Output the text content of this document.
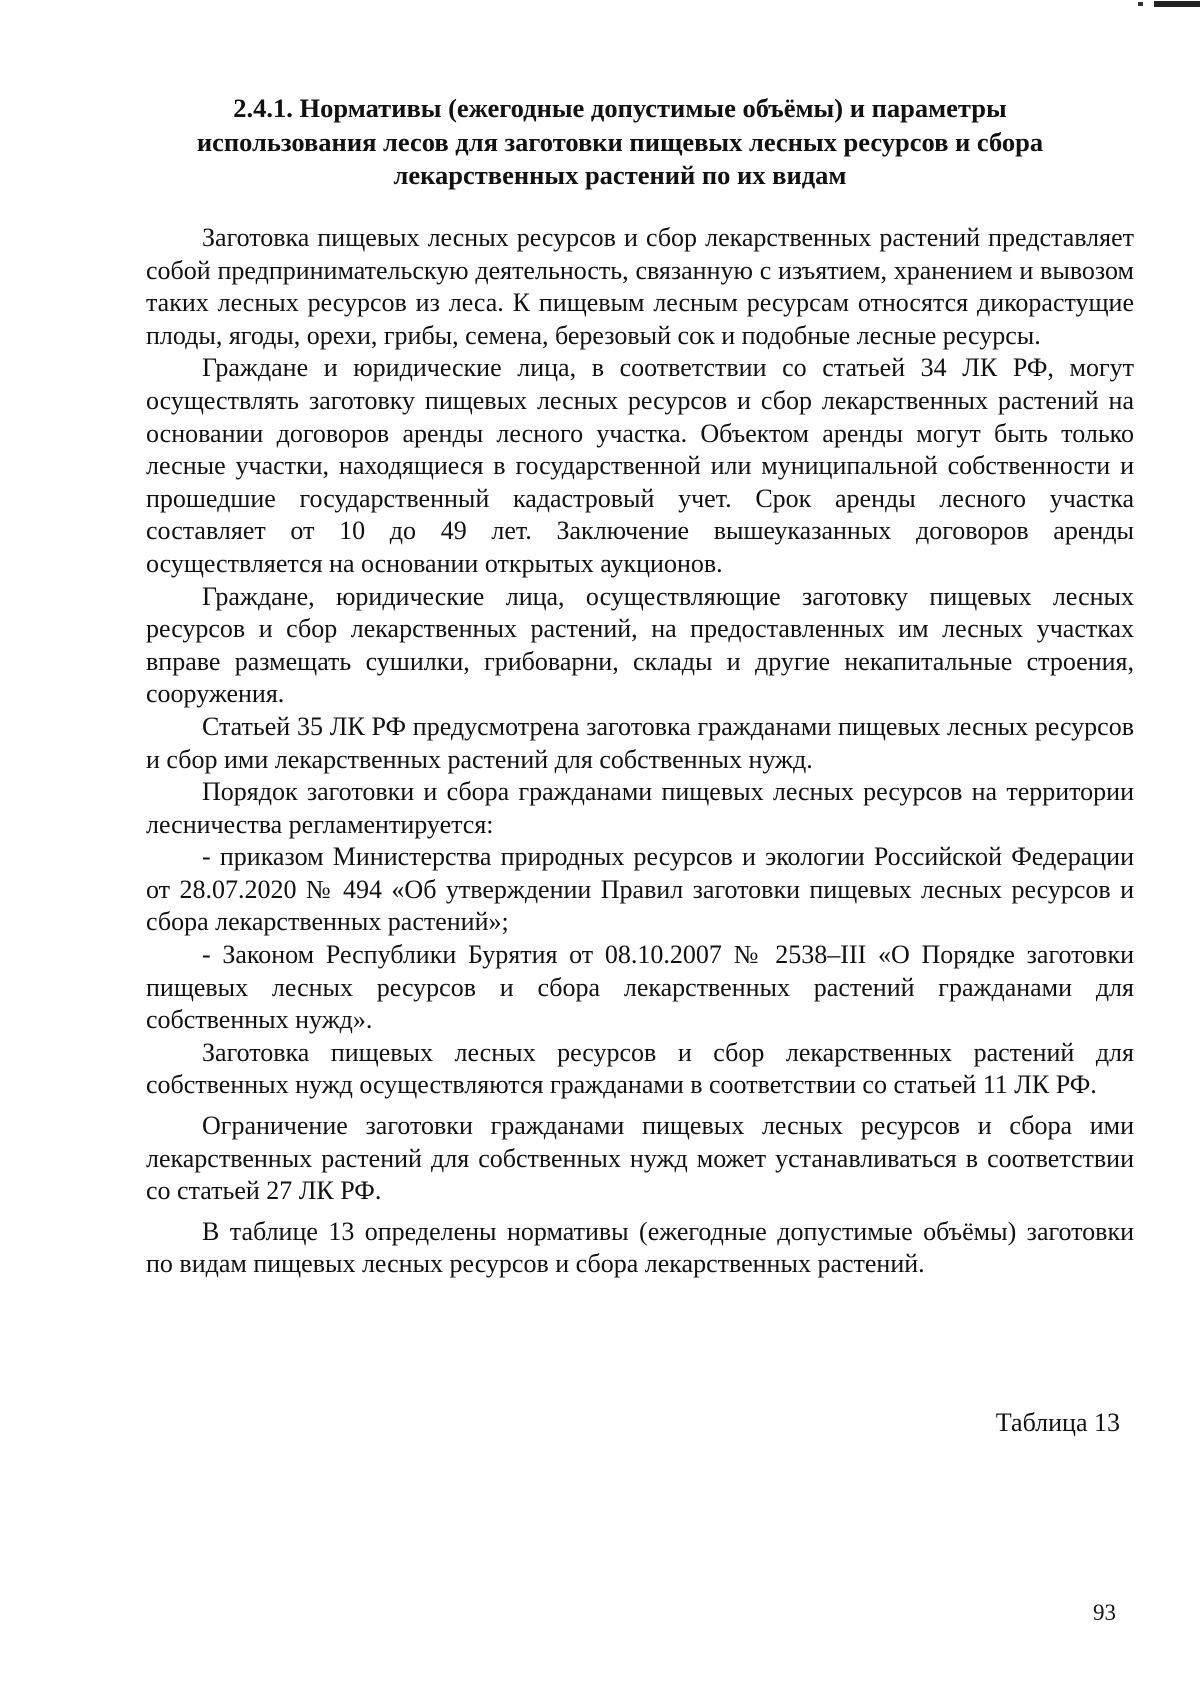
2.4.1. Нормативы (ежегодные допустимые объёмы) и параметры
использования лесов для заготовки пищевых лесных ресурсов и сбора
лекарственных растений по их видам

Заготовка пищевых лесных ресурсов и сбор лекарственных растений представляет собой предпринимательскую деятельность, связанную с изъятием, хранением и вывозом таких лесных ресурсов из леса. К пищевым лесным ресурсам относятся дикорастущие плоды, ягоды, орехи, грибы, семена, березовый сок и подобные лесные ресурсы.

Граждане и юридические лица, в соответствии со статьей 34 ЛК РФ, могут осуществлять заготовку пищевых лесных ресурсов и сбор лекарственных растений на основании договоров аренды лесного участка. Объектом аренды могут быть только лесные участки, находящиеся в государственной или муниципальной собственности и прошедшие государственный кадастровый учет. Срок аренды лесного участка составляет от 10 до 49 лет. Заключение вышеуказанных договоров аренды осуществляется на основании открытых аукционов.

Граждане, юридические лица, осуществляющие заготовку пищевых лесных ресурсов и сбор лекарственных растений, на предоставленных им лесных участках вправе размещать сушилки, грибоварни, склады и другие некапитальные строения, сооружения.

Статьей 35 ЛК РФ предусмотрена заготовка гражданами пищевых лесных ресурсов и сбор ими лекарственных растений для собственных нужд.

Порядок заготовки и сбора гражданами пищевых лесных ресурсов на территории лесничества регламентируется:

- приказом Министерства природных ресурсов и экологии Российской Федерации от 28.07.2020 № 494 «Об утверждении Правил заготовки пищевых лесных ресурсов и сбора лекарственных растений»;

- Законом Республики Бурятия от 08.10.2007 № 2538–III «О Порядке заготовки пищевых лесных ресурсов и сбора лекарственных растений гражданами для собственных нужд».

Заготовка пищевых лесных ресурсов и сбор лекарственных растений для собственных нужд осуществляются гражданами в соответствии со статьей 11 ЛК РФ.

Ограничение заготовки гражданами пищевых лесных ресурсов и сбора ими лекарственных растений для собственных нужд может устанавливаться в соответствии со статьей 27 ЛК РФ.

В таблице 13 определены нормативы (ежегодные допустимые объёмы) заготовки по видам пищевых лесных ресурсов и сбора лекарственных растений.

Таблица 13
93
